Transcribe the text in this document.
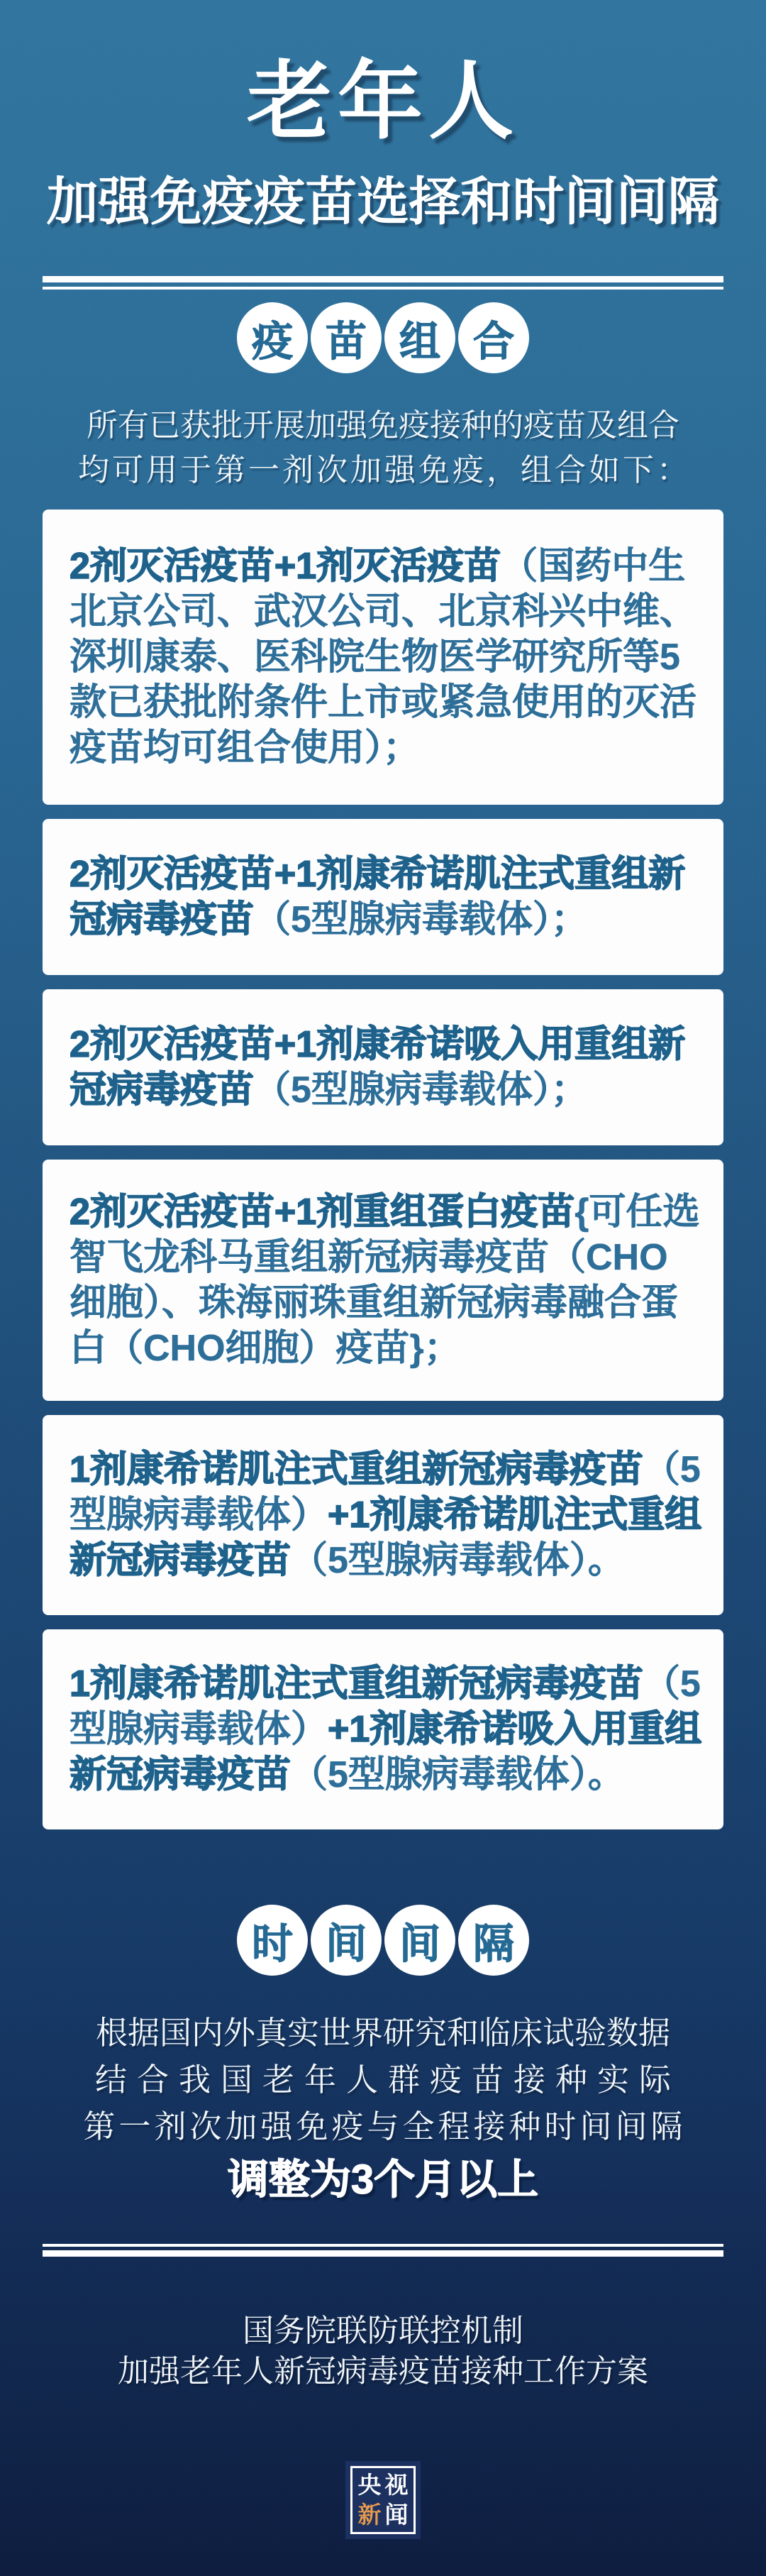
老年人
加强免疫疫苗选择和时间间隔
疫 苗 组 合
所有已获批开展加强免疫接种的疫苗及组合
均可用于第一剂次加强免疫，组合如下：
2剂灭活疫苗+1剂灭活疫苗（国药中生北京公司、武汉公司、北京科兴中维、深圳康泰、医科院生物医学研究所等5款已获批附条件上市或紧急使用的灭活疫苗均可组合使用）；
2剂灭活疫苗+1剂康希诺肌注式重组新冠病毒疫苗（5型腺病毒载体）；
2剂灭活疫苗+1剂康希诺吸入用重组新冠病毒疫苗（5型腺病毒载体）；
2剂灭活疫苗+1剂重组蛋白疫苗{可任选智飞龙科马重组新冠病毒疫苗（CHO细胞）、珠海丽珠重组新冠病毒融合蛋白（CHO细胞）疫苗}；
1剂康希诺肌注式重组新冠病毒疫苗（5型腺病毒载体）+1剂康希诺肌注式重组新冠病毒疫苗（5型腺病毒载体）。
1剂康希诺肌注式重组新冠病毒疫苗（5型腺病毒载体）+1剂康希诺吸入用重组新冠病毒疫苗（5型腺病毒载体）。
时 间 间 隔
根据国内外真实世界研究和临床试验数据
结合我国老年人群疫苗接种实际
第一剂次加强免疫与全程接种时间间隔
调整为3个月以上
国务院联防联控机制
加强老年人新冠病毒疫苗接种工作方案
央 视
新 闻
